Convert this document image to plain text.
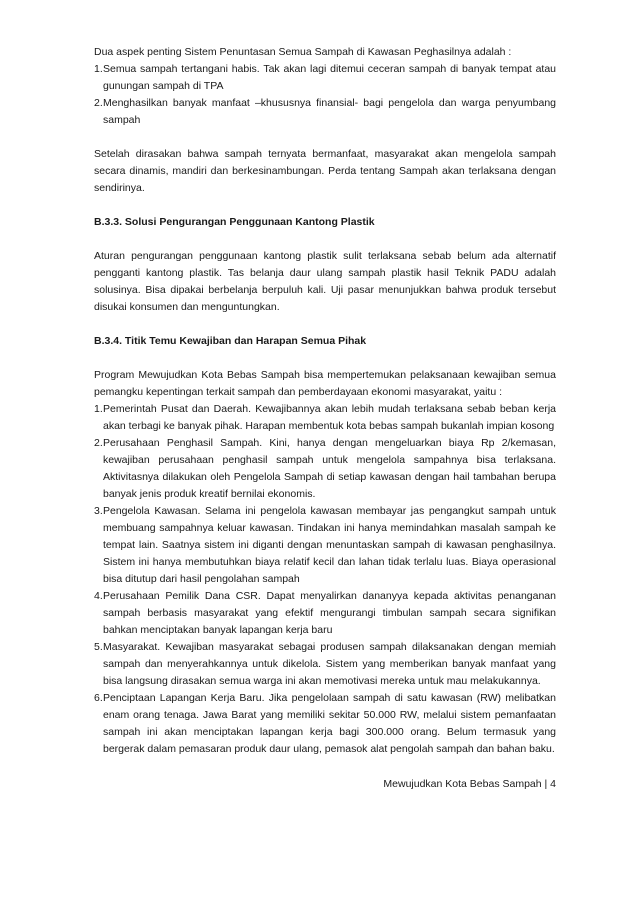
Dua aspek penting Sistem Penuntasan Semua Sampah di Kawasan Peghasilnya adalah :

1. Semua sampah tertangani habis. Tak akan lagi ditemui ceceran sampah di banyak tempat atau gunungan sampah di TPA
2. Menghasilkan banyak manfaat –khususnya finansial- bagi pengelola dan warga penyumbang sampah

Setelah dirasakan bahwa sampah ternyata bermanfaat, masyarakat akan mengelola sampah secara dinamis, mandiri dan berkesinambungan. Perda tentang Sampah akan terlaksana dengan sendirinya.

B.3.3. Solusi Pengurangan Penggunaan Kantong Plastik

Aturan pengurangan penggunaan kantong plastik sulit terlaksana sebab belum ada alternatif pengganti kantong plastik. Tas belanja daur ulang sampah plastik hasil Teknik PADU adalah solusinya. Bisa dipakai berbelanja berpuluh kali. Uji pasar menunjukkan bahwa produk tersebut disukai konsumen dan menguntungkan.

B.3.4. Titik Temu Kewajiban dan Harapan Semua Pihak

Program Mewujudkan Kota Bebas Sampah bisa mempertemukan pelaksanaan kewajiban semua pemangku kepentingan terkait sampah dan pemberdayaan ekonomi masyarakat, yaitu :

1. Pemerintah Pusat dan Daerah. Kewajibannya akan lebih mudah terlaksana sebab beban kerja akan terbagi ke banyak pihak. Harapan membentuk kota bebas sampah bukanlah impian kosong
2. Perusahaan Penghasil Sampah. Kini, hanya dengan mengeluarkan biaya Rp 2/kemasan, kewajiban perusahaan penghasil sampah untuk mengelola sampahnya bisa terlaksana. Aktivitasnya dilakukan oleh Pengelola Sampah di setiap kawasan dengan hail tambahan berupa banyak jenis produk kreatif bernilai ekonomis.
3. Pengelola Kawasan. Selama ini pengelola kawasan membayar jas pengangkut sampah untuk membuang sampahnya keluar kawasan. Tindakan ini hanya memindahkan masalah sampah ke tempat lain. Saatnya sistem ini diganti dengan menuntaskan sampah di kawasan penghasilnya. Sistem ini hanya membutuhkan biaya relatif kecil dan lahan tidak terlalu luas. Biaya operasional bisa ditutup dari hasil pengolahan sampah
4. Perusahaan Pemilik Dana CSR. Dapat menyalirkan dananyya kepada aktivitas penanganan sampah berbasis masyarakat yang efektif mengurangi timbulan sampah secara signifikan bahkan menciptakan banyak lapangan kerja baru
5. Masyarakat. Kewajiban masyarakat sebagai produsen sampah dilaksanakan dengan memiah sampah dan menyerahkannya untuk dikelola. Sistem yang memberikan banyak manfaat yang bisa langsung dirasakan semua warga ini akan memotivasi mereka untuk mau melakukannya.
6. Penciptaan Lapangan Kerja Baru. Jika pengelolaan sampah di satu kawasan (RW) melibatkan enam orang tenaga. Jawa Barat yang memiliki sekitar 50.000 RW, melalui sistem pemanfaatan sampah ini akan menciptakan lapangan kerja bagi 300.000 orang. Belum termasuk yang bergerak dalam pemasaran produk daur ulang, pemasok alat pengolah sampah dan bahan baku.
Mewujudkan Kota Bebas Sampah | 4
